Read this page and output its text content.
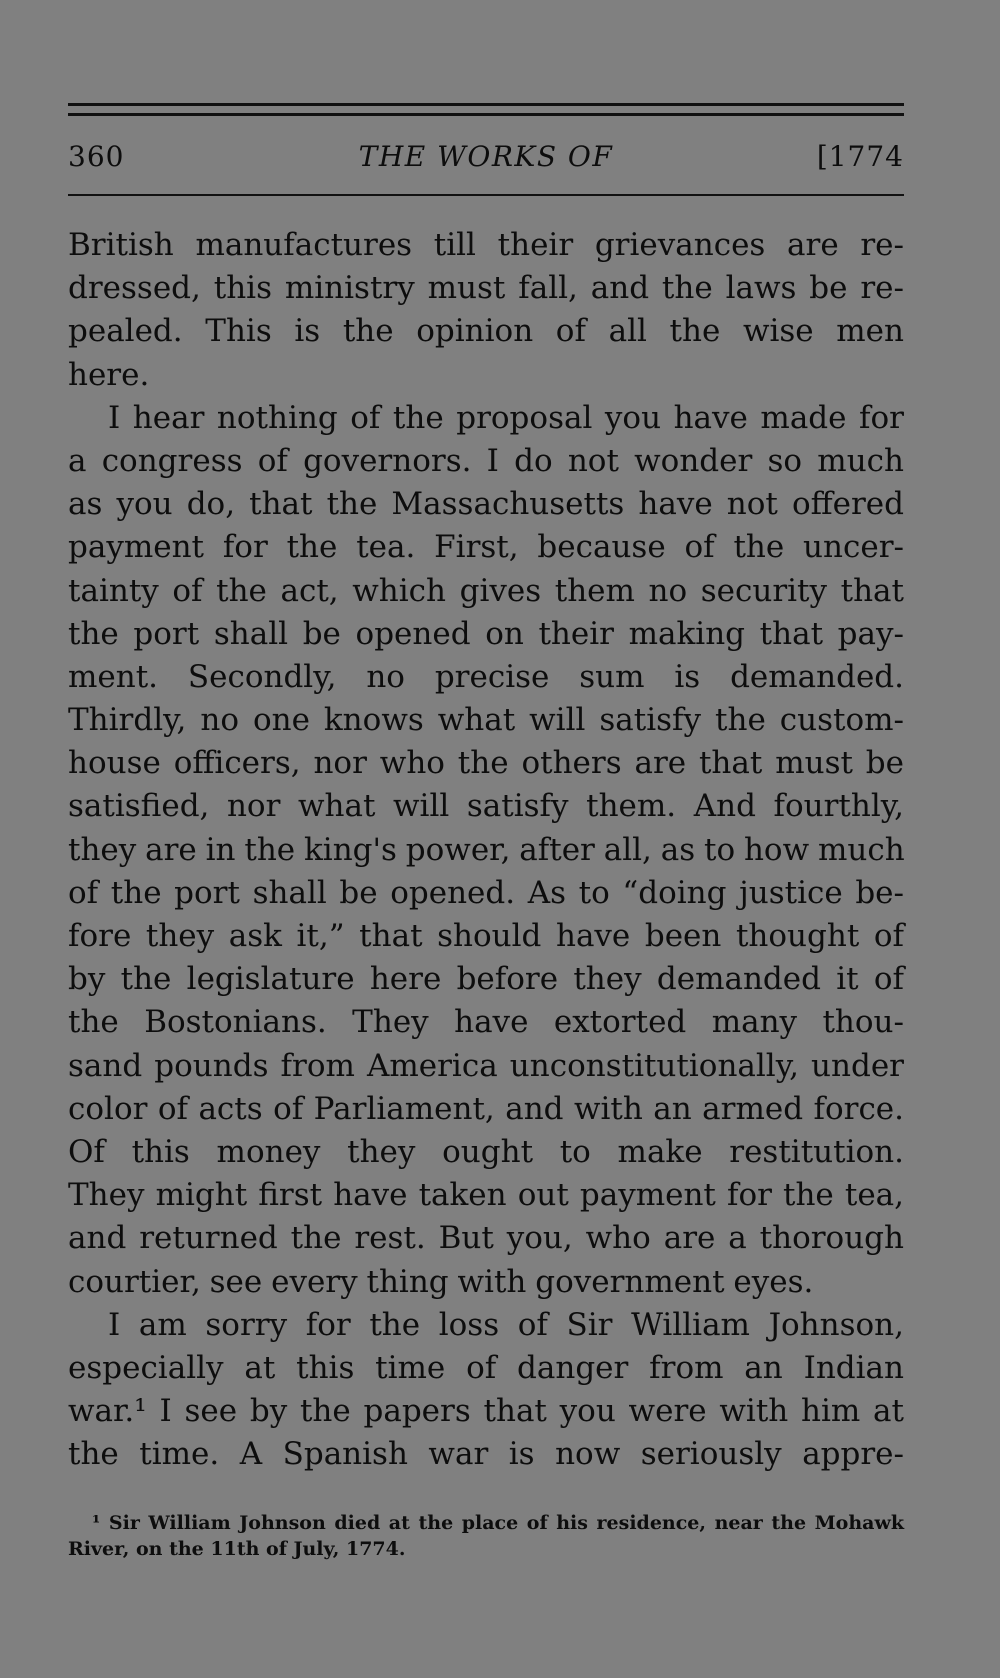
360	THE WORKS OF	[1774
British manufactures till their grievances are re-
dressed, this ministry must fall, and the laws be re-
pealed. This is the opinion of all the wise men
here.
I hear nothing of the proposal you have made for
a congress of governors. I do not wonder so much
as you do, that the Massachusetts have not offered
payment for the tea. First, because of the uncer-
tainty of the act, which gives them no security that
the port shall be opened on their making that pay-
ment. Secondly, no precise sum is demanded.
Thirdly, no one knows what will satisfy the custom-
house officers, nor who the others are that must be
satisfied, nor what will satisfy them. And fourthly,
they are in the king's power, after all, as to how much
of the port shall be opened. As to “doing justice be-
fore they ask it,” that should have been thought of
by the legislature here before they demanded it of
the Bostonians. They have extorted many thou-
sand pounds from America unconstitutionally, under
color of acts of Parliament, and with an armed force.
Of this money they ought to make restitution.
They might first have taken out payment for the tea,
and returned the rest. But you, who are a thorough
courtier, see every thing with government eyes.
I am sorry for the loss of Sir William Johnson,
especially at this time of danger from an Indian
war.¹ I see by the papers that you were with him at
the time. A Spanish war is now seriously appre-
¹ Sir William Johnson died at the place of his residence, near the Mohawk
River, on the 11th of July, 1774.
